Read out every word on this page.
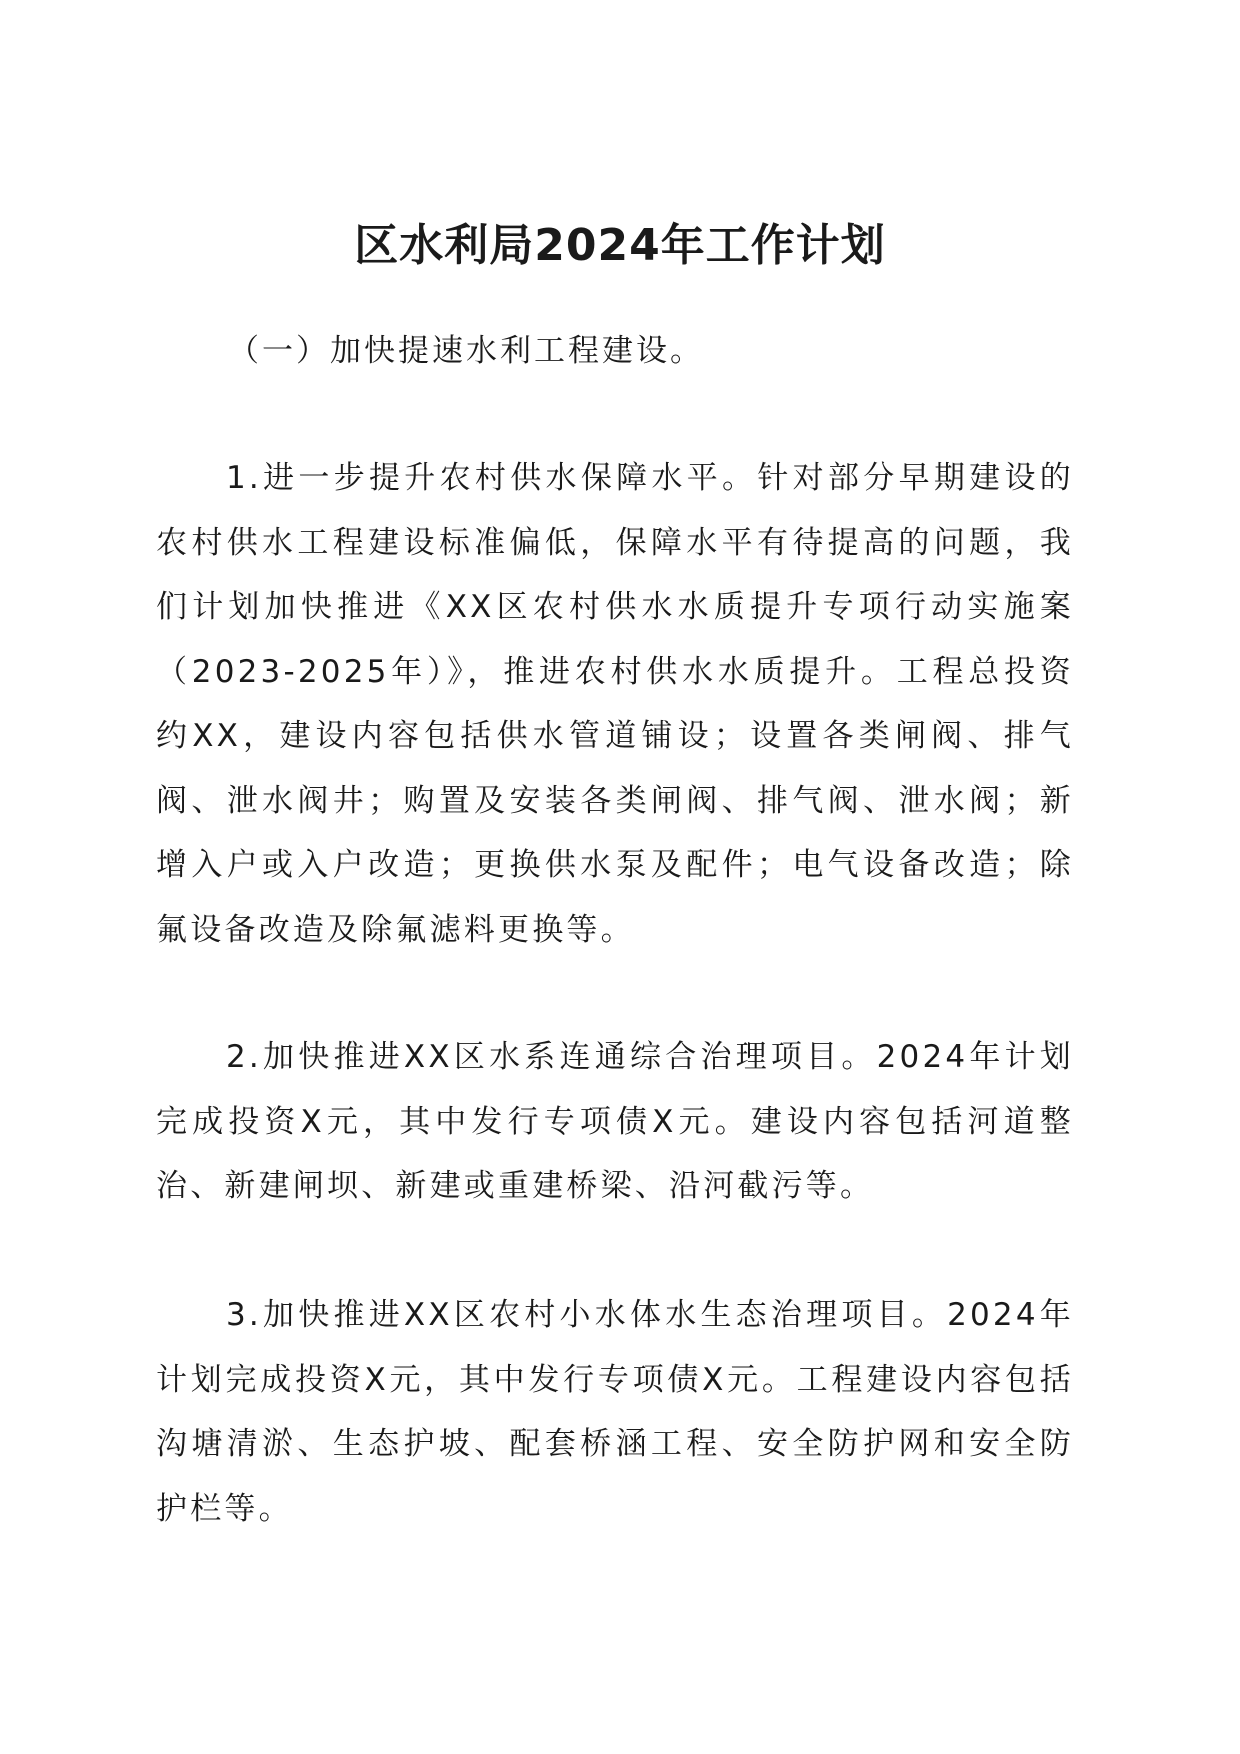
区水利局2024年工作计划

（一）加快提速水利工程建设。

1.进一步提升农村供水保障水平。针对部分早期建设的农村供水工程建设标准偏低，保障水平有待提高的问题，我们计划加快推进《XX区农村供水水质提升专项行动实施案（2023-2025年）》，推进农村供水水质提升。工程总投资约XX，建设内容包括供水管道铺设；设置各类闸阀、排气阀、泄水阀井；购置及安装各类闸阀、排气阀、泄水阀；新增入户或入户改造；更换供水泵及配件；电气设备改造；除氟设备改造及除氟滤料更换等。

2.加快推进XX区水系连通综合治理项目。2024年计划完成投资X元，其中发行专项债X元。建设内容包括河道整治、新建闸坝、新建或重建桥梁、沿河截污等。

3.加快推进XX区农村小水体水生态治理项目。2024年计划完成投资X元，其中发行专项债X元。工程建设内容包括沟塘清淤、生态护坡、配套桥涵工程、安全防护网和安全防护栏等。
